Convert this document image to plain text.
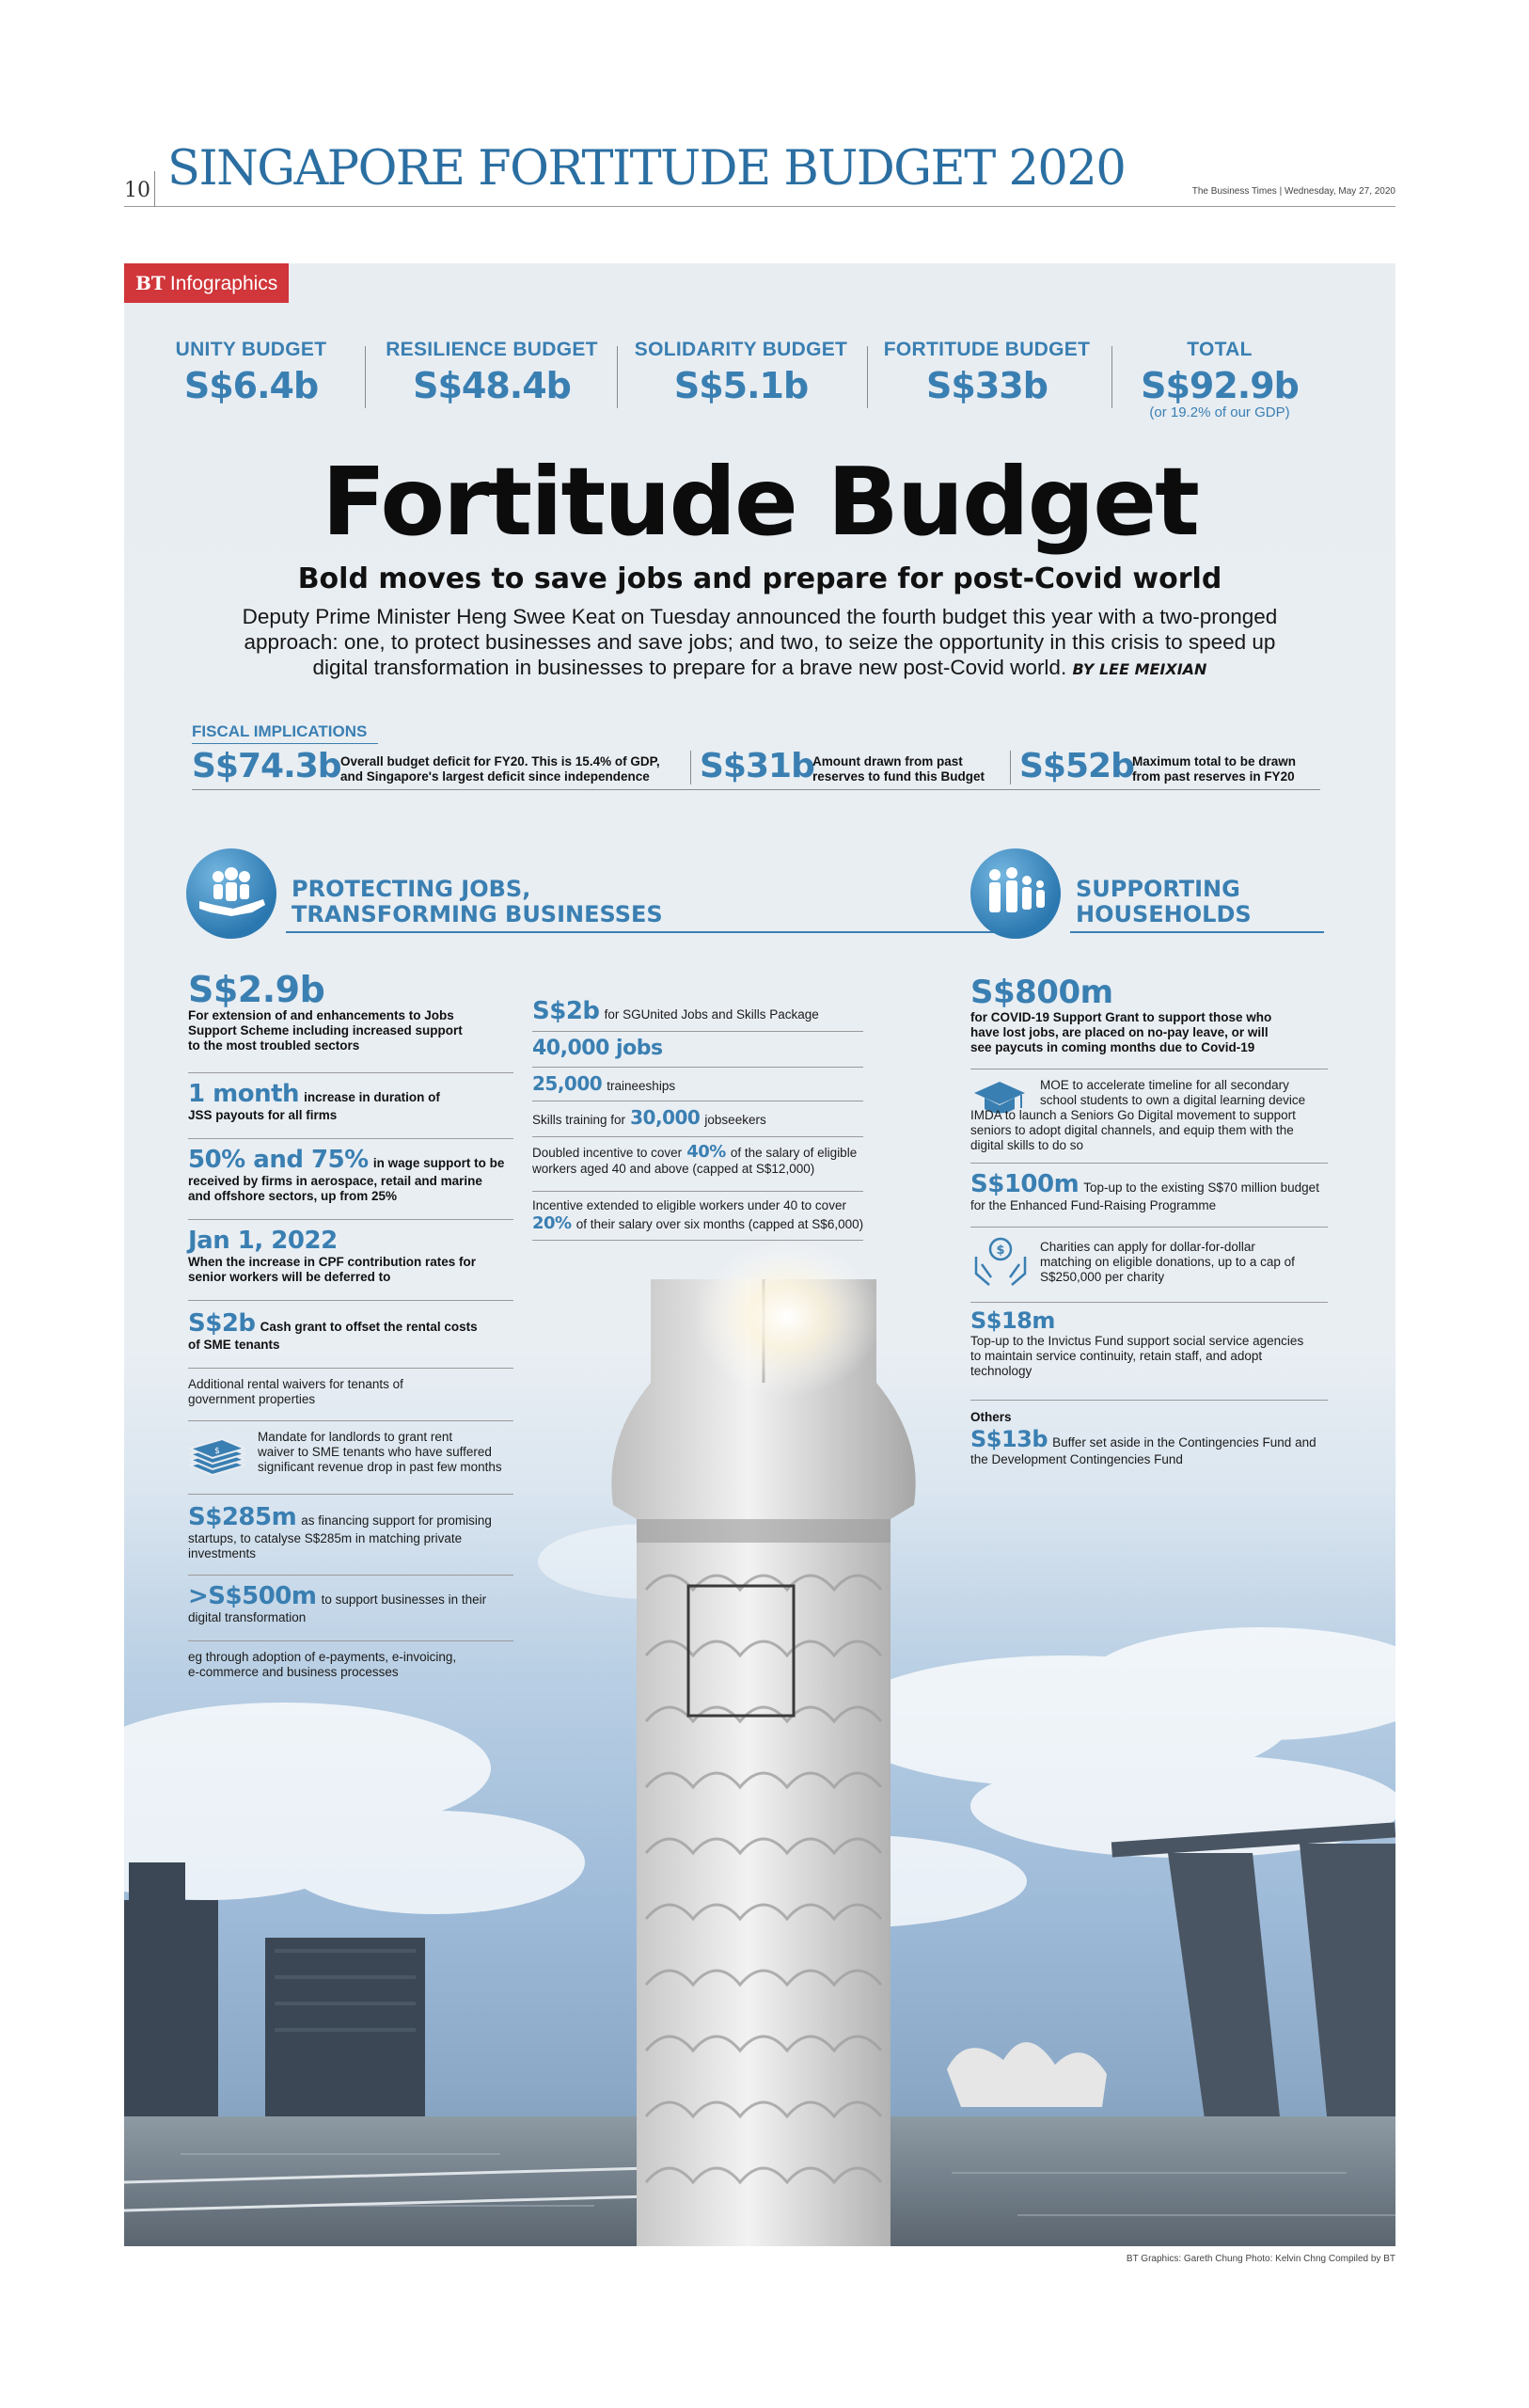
10 SINGAPORE FORTITUDE BUDGET 2020	The Business Times | Wednesday, May 27, 2020
BT Infographics
UNITY BUDGET
S$6.4b
RESILIENCE BUDGET
S$48.4b
SOLIDARITY BUDGET
S$5.1b
FORTITUDE BUDGET
S$33b
TOTAL
S$92.9b
(or 19.2% of our GDP)
Fortitude Budget
Bold moves to save jobs and prepare for post-Covid world
Deputy Prime Minister Heng Swee Keat on Tuesday announced the fourth budget this year with a two-pronged approach: one, to protect businesses and save jobs; and two, to seize the opportunity in this crisis to speed up digital transformation in businesses to prepare for a brave new post-Covid world. BY LEE MEIXIAN
FISCAL IMPLICATIONS
S$74.3b Overall budget deficit for FY20. This is 15.4% of GDP,
and Singapore's largest deficit since independence S$31b
Amount drawn from past
reserves to fund this Budget S$52b
Maximum total to be drawn
from past reserves in FY20
PROTECTING JOBS,
TRANSFORMING BUSINESSES
SUPPORTING
HOUSEHOLDS
S$2.9b
For extension of and enhancements to Jobs
Support Scheme including increased support
to the most troubled sectors
1 month increase in duration of
JSS payouts for all firms
50% and 75% in wage support to be
received by firms in aerospace, retail and marine
and offshore sectors, up from 25%
Jan 1, 2022
When the increase in CPF contribution rates for
senior workers will be deferred to
S$2b Cash grant to offset the rental costs
of SME tenants
Additional rental waivers for tenants of
government properties
$
Mandate for landlords to grant rent
waiver to SME tenants who have suffered
significant revenue drop in past few months
S$285m as financing support for promising
startups, to catalyse S$285m in matching private
investments
>S$500m to support businesses in their
digital transformation
eg through adoption of e-payments, e-invoicing,
e-commerce and business processes
S$2b for SGUnited Jobs and Skills Package
40,000 jobs
25,000 traineeships
Skills training for 30,000 jobseekers
Doubled incentive to cover 40% of the salary of eligible
workers aged 40 and above (capped at S$12,000)
Incentive extended to eligible workers under 40 to cover
20% of their salary over six months (capped at S$6,000)
S$800m
for COVID-19 Support Grant to support those who
have lost jobs, are placed on no-pay leave, or will
see paycuts in coming months due to Covid-19
MOE to accelerate timeline for all secondary
school students to own a digital learning device
IMDA to launch a Seniors Go Digital movement to support
seniors to adopt digital channels, and equip them with the
digital skills to do so
S$100m Top-up to the existing S$70 million budget
for the Enhanced Fund-Raising Programme
$	Charities can apply for dollar-for-dollar
matching on eligible donations, up to a cap of
S$250,000 per charity
S$18m
Top-up to the Invictus Fund support social service agencies
to maintain service continuity, retain staff, and adopt
technology
Others
S$13b Buffer set aside in the Contingencies Fund and
the Development Contingencies Fund
BT Graphics: Gareth Chung Photo: Kelvin Chng Compiled by BT
